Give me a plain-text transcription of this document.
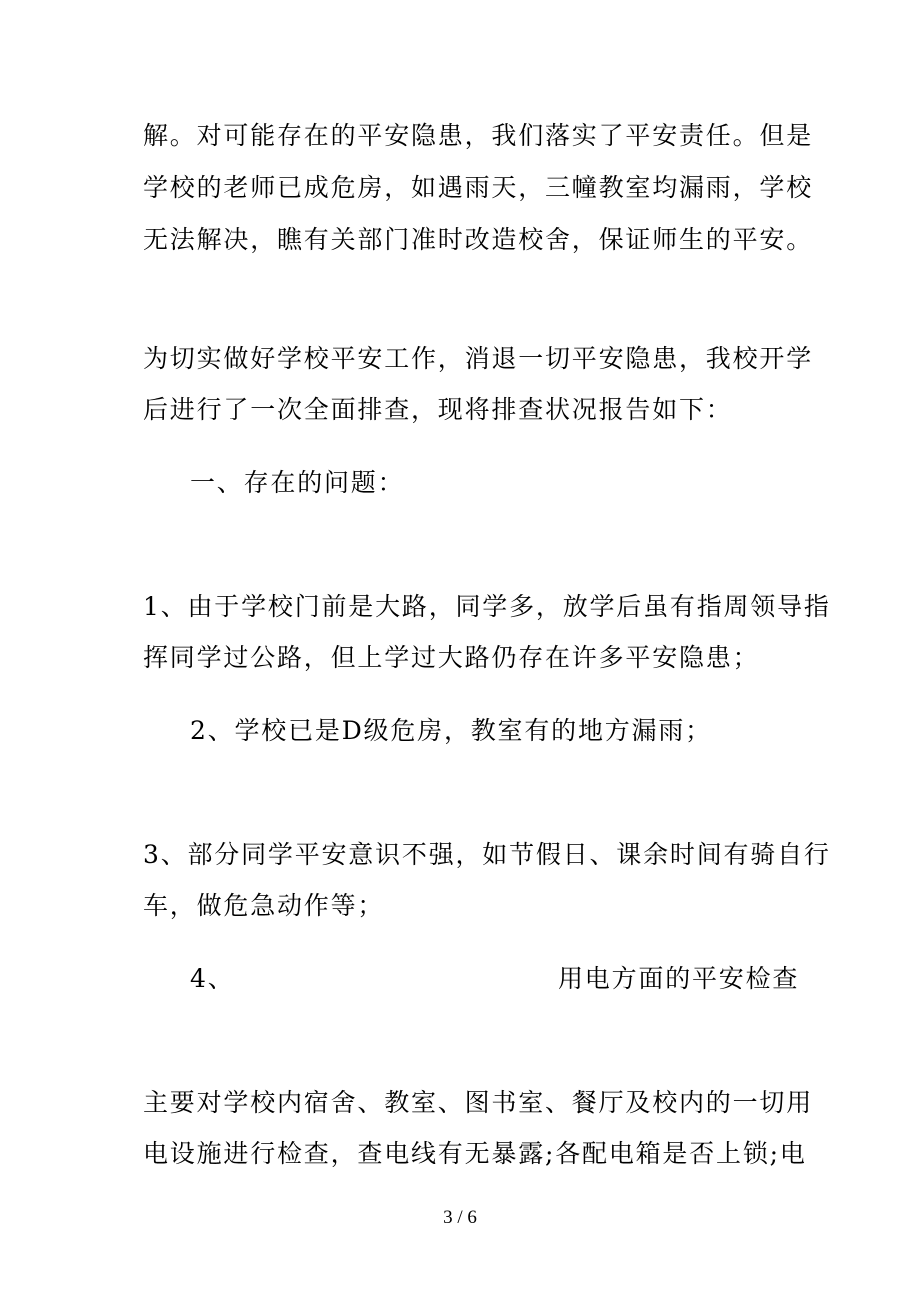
解。对可能存在的平安隐患，我们落实了平安责任。但是
学校的老师已成危房，如遇雨天，三幢教室均漏雨，学校
无法解决，瞧有关部门准时改造校舍，保证师生的平安。
为切实做好学校平安工作，消退一切平安隐患，我校开学
后进行了一次全面排查，现将排查状况报告如下：
一、存在的问题：
1、由于学校门前是大路，同学多，放学后虽有指周领导指
挥同学过公路，但上学过大路仍存在许多平安隐患；
2、学校已是D级危房，教室有的地方漏雨；
3、部分同学平安意识不强，如节假日、课余时间有骑自行
车，做危急动作等；
4、	用电方面的平安检查
主要对学校内宿舍、教室、图书室、餐厅及校内的一切用
电设施进行检查，查电线有无暴露;各配电箱是否上锁;电
3 / 6
